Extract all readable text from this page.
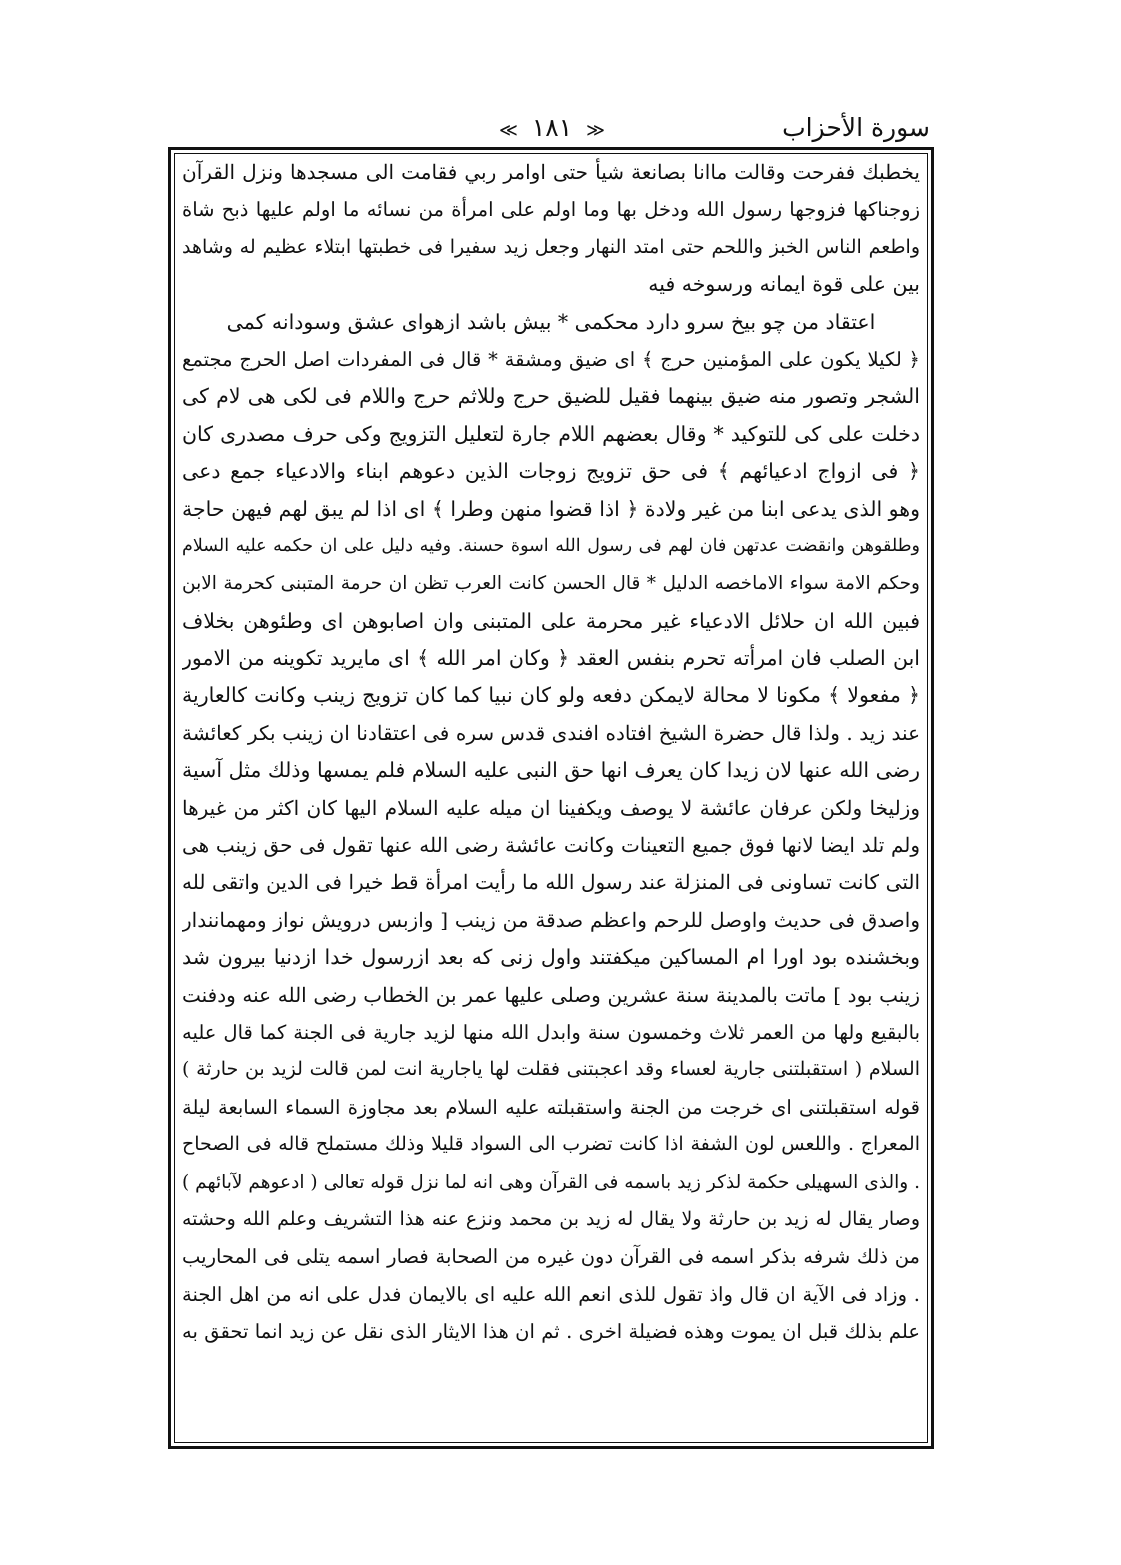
سورة الأحزاب
≪ ١٨١ ≫
يخطبك ففرحت وقالت ماانا بصانعة شيأ حتى اوامر ربي فقامت الى مسجدها ونزل القرآن
زوجناكها فزوجها رسول الله ودخل بها وما اولم على امرأة من نسائه ما اولم عليها ذبح شاة
واطعم الناس الخبز واللحم حتى امتد النهار وجعل زيد سفيرا فى خطبتها ابتلاء عظيم له وشاهد
بين على قوة ايمانه ورسوخه فيه
اعتقاد من چو بيخ سرو دارد محكمى * بيش باشد ازهواى عشق وسودانه كمى
﴿ لكيلا يكون على المؤمنين حرج ﴾ اى ضيق ومشقة * قال فى المفردات اصل الحرج مجتمع
الشجر وتصور منه ضيق بينهما فقيل للضيق حرج وللاثم حرج واللام فى لكى هى لام كى
دخلت على كى للتوكيد * وقال بعضهم اللام جارة لتعليل التزويج وكى حرف مصدرى كان
﴿ فى ازواج ادعيائهم ﴾ فى حق تزويج زوجات الذين دعوهم ابناء والادعياء جمع دعى
وهو الذى يدعى ابنا من غير ولادة ﴿ اذا قضوا منهن وطرا ﴾ اى اذا لم يبق لهم فيهن حاجة
وطلقوهن وانقضت عدتهن فان لهم فى رسول الله اسوة حسنة. وفيه دليل على ان حكمه عليه السلام
وحكم الامة سواء الاماخصه الدليل * قال الحسن كانت العرب تظن ان حرمة المتبنى كحرمة الابن
فبين الله ان حلائل الادعياء غير محرمة على المتبنى وان اصابوهن اى وطئوهن بخلاف
ابن الصلب فان امرأته تحرم بنفس العقد ﴿ وكان امر الله ﴾ اى مايريد تكوينه من الامور
﴿ مفعولا ﴾ مكونا لا محالة لايمكن دفعه ولو كان نبيا كما كان تزويج زينب وكانت كالعارية
عند زيد . ولذا قال حضرة الشيخ افتاده افندى قدس سره فى اعتقادنا ان زينب بكر كعائشة
رضى الله عنها لان زيدا كان يعرف انها حق النبى عليه السلام فلم يمسها وذلك مثل آسية
وزليخا ولكن عرفان عائشة لا يوصف ويكفينا ان ميله عليه السلام اليها كان اكثر من غيرها
ولم تلد ايضا لانها فوق جميع التعينات وكانت عائشة رضى الله عنها تقول فى حق زينب هى
التى كانت تساونى فى المنزلة عند رسول الله ما رأيت امرأة قط خيرا فى الدين واتقى لله
واصدق فى حديث واوصل للرحم واعظم صدقة من زينب [ وازبس درويش نواز ومهمانندار
وبخشنده بود اورا ام المساكين ميكفتند واول زنى كه بعد ازرسول خدا ازدنيا بيرون شد
زينب بود ] ماتت بالمدينة سنة عشرين وصلى عليها عمر بن الخطاب رضى الله عنه ودفنت
بالبقيع ولها من العمر ثلاث وخمسون سنة وابدل الله منها لزيد جارية فى الجنة كما قال عليه
السلام ( استقبلتنى جارية لعساء وقد اعجبتنى فقلت لها ياجارية انت لمن قالت لزيد بن حارثة )
قوله استقبلتنى اى خرجت من الجنة واستقبلته عليه السلام بعد مجاوزة السماء السابعة ليلة
المعراج . واللعس لون الشفة اذا كانت تضرب الى السواد قليلا وذلك مستملح قاله فى الصحاح
. والذى السهيلى حكمة لذكر زيد باسمه فى القرآن وهى انه لما نزل قوله تعالى ( ادعوهم لآبائهم )
وصار يقال له زيد بن حارثة ولا يقال له زيد بن محمد ونزع عنه هذا التشريف وعلم الله وحشته
من ذلك شرفه بذكر اسمه فى القرآن دون غيره من الصحابة فصار اسمه يتلى فى المحاريب
. وزاد فى الآية ان قال واذ تقول للذى انعم الله عليه اى بالايمان فدل على انه من اهل الجنة
علم بذلك قبل ان يموت وهذه فضيلة اخرى . ثم ان هذا الايثار الذى نقل عن زيد انما تحقق به
